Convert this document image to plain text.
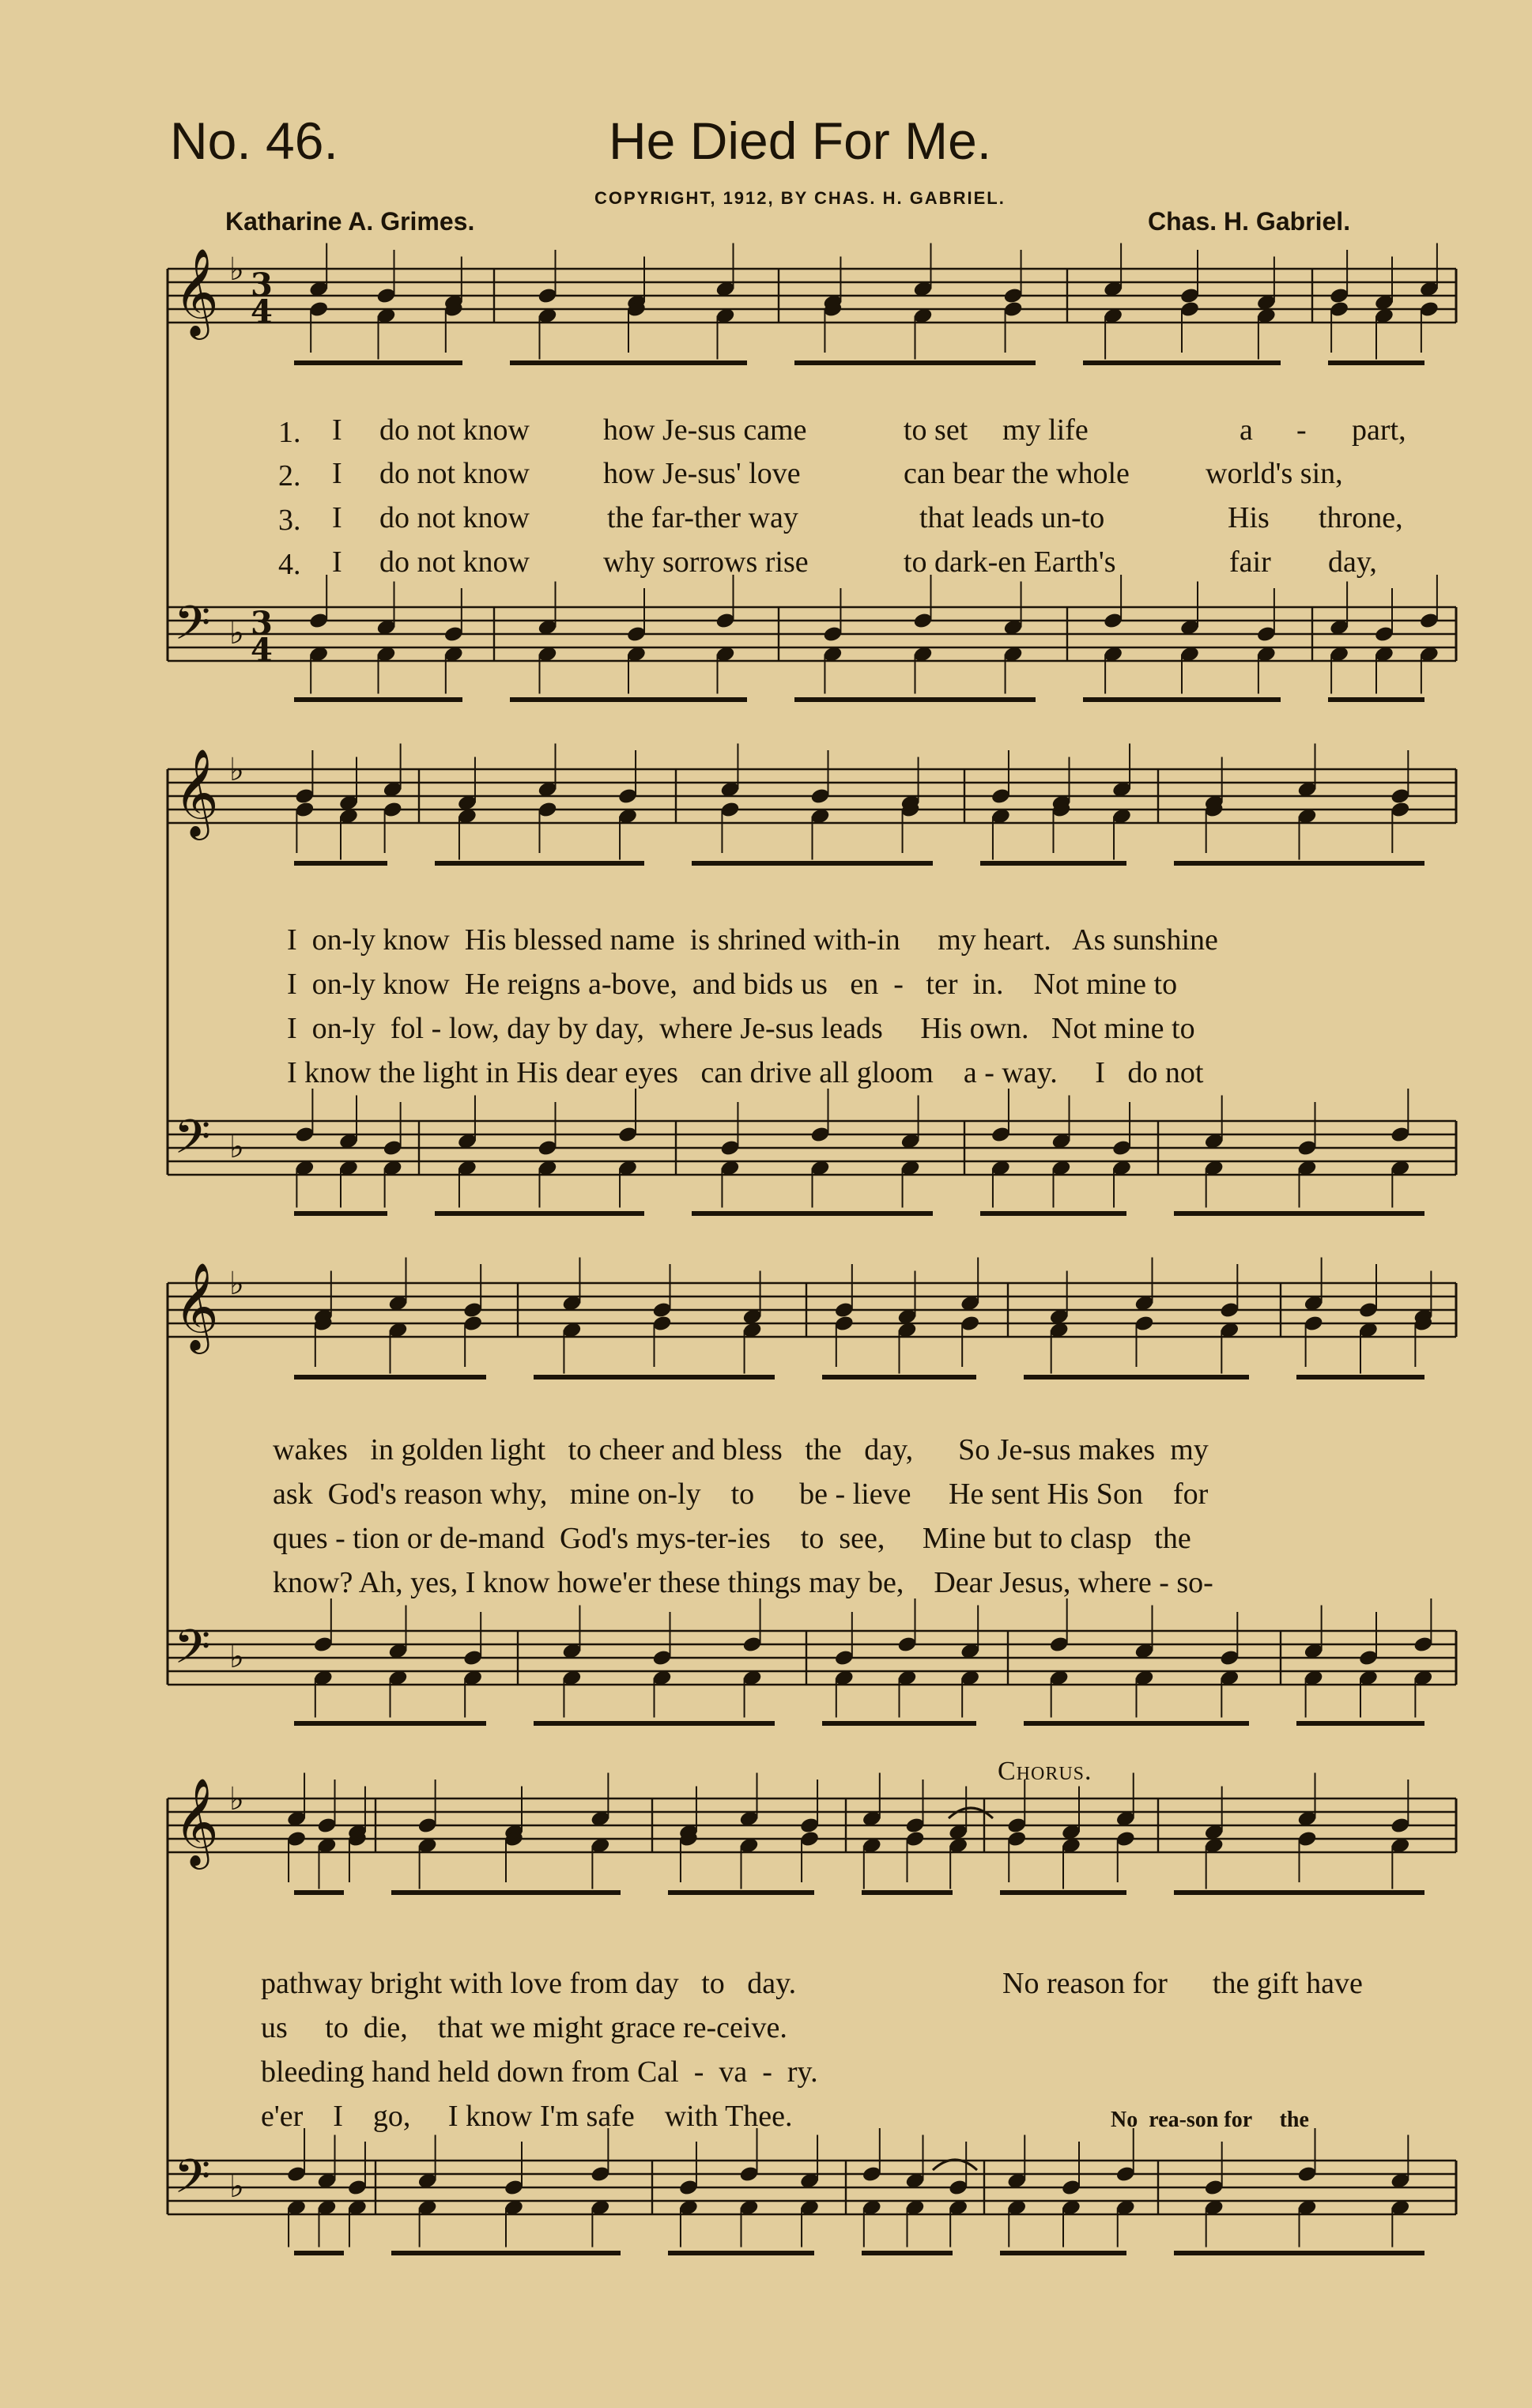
No. 46.	He Died For Me.
COPYRIGHT, 1912, BY CHAS. H. GABRIEL.
Katharine A. Grimes.	Chas. H. Gabriel.
𝄞 ♭ 3
4
𝄢 ♭ 3
4
𝄞 ♭
𝄢 ♭
𝄞 ♭
𝄢 ♭
𝄞 ♭
𝄢 ♭
1. I do not know how Je-sus came	to set my life	a - part,
2. I do not know how Je-sus' love	can bear the whole	world's sin,
3. I do not know	the far-ther way	that leads un-to	His throne,
4. I do not know why sorrows rise	to dark-en Earth's	fair day,
I  on-ly know  His blessed name  is shrined with-in     my heart.   As sunshine
I  on-ly know  He reigns a-bove,  and bids us   en  -   ter  in.    Not mine to
I  on-ly  fol - low, day by day,  where Je-sus leads     His own.   Not mine to
I know the light in His dear eyes   can drive all gloom    a - way.     I   do not
wakes   in golden light   to cheer and bless   the   day,      So Je-sus makes  my
ask  God's reason why,   mine on-ly    to      be - lieve     He sent His Son    for
ques - tion or de-mand  God's mys-ter-ies    to  see,     Mine but to clasp   the
know? Ah, yes, I know howe'er these things may be,    Dear Jesus, where - so-
Chorus.
pathway bright with love from day   to   day.
us     to  die,    that we might grace re-ceive.
bleeding hand held down from Cal  -  va  -  ry.
e'er    I    go,     I know I'm safe    with Thee.
No reason for      the gift have
No  rea-son for     the
